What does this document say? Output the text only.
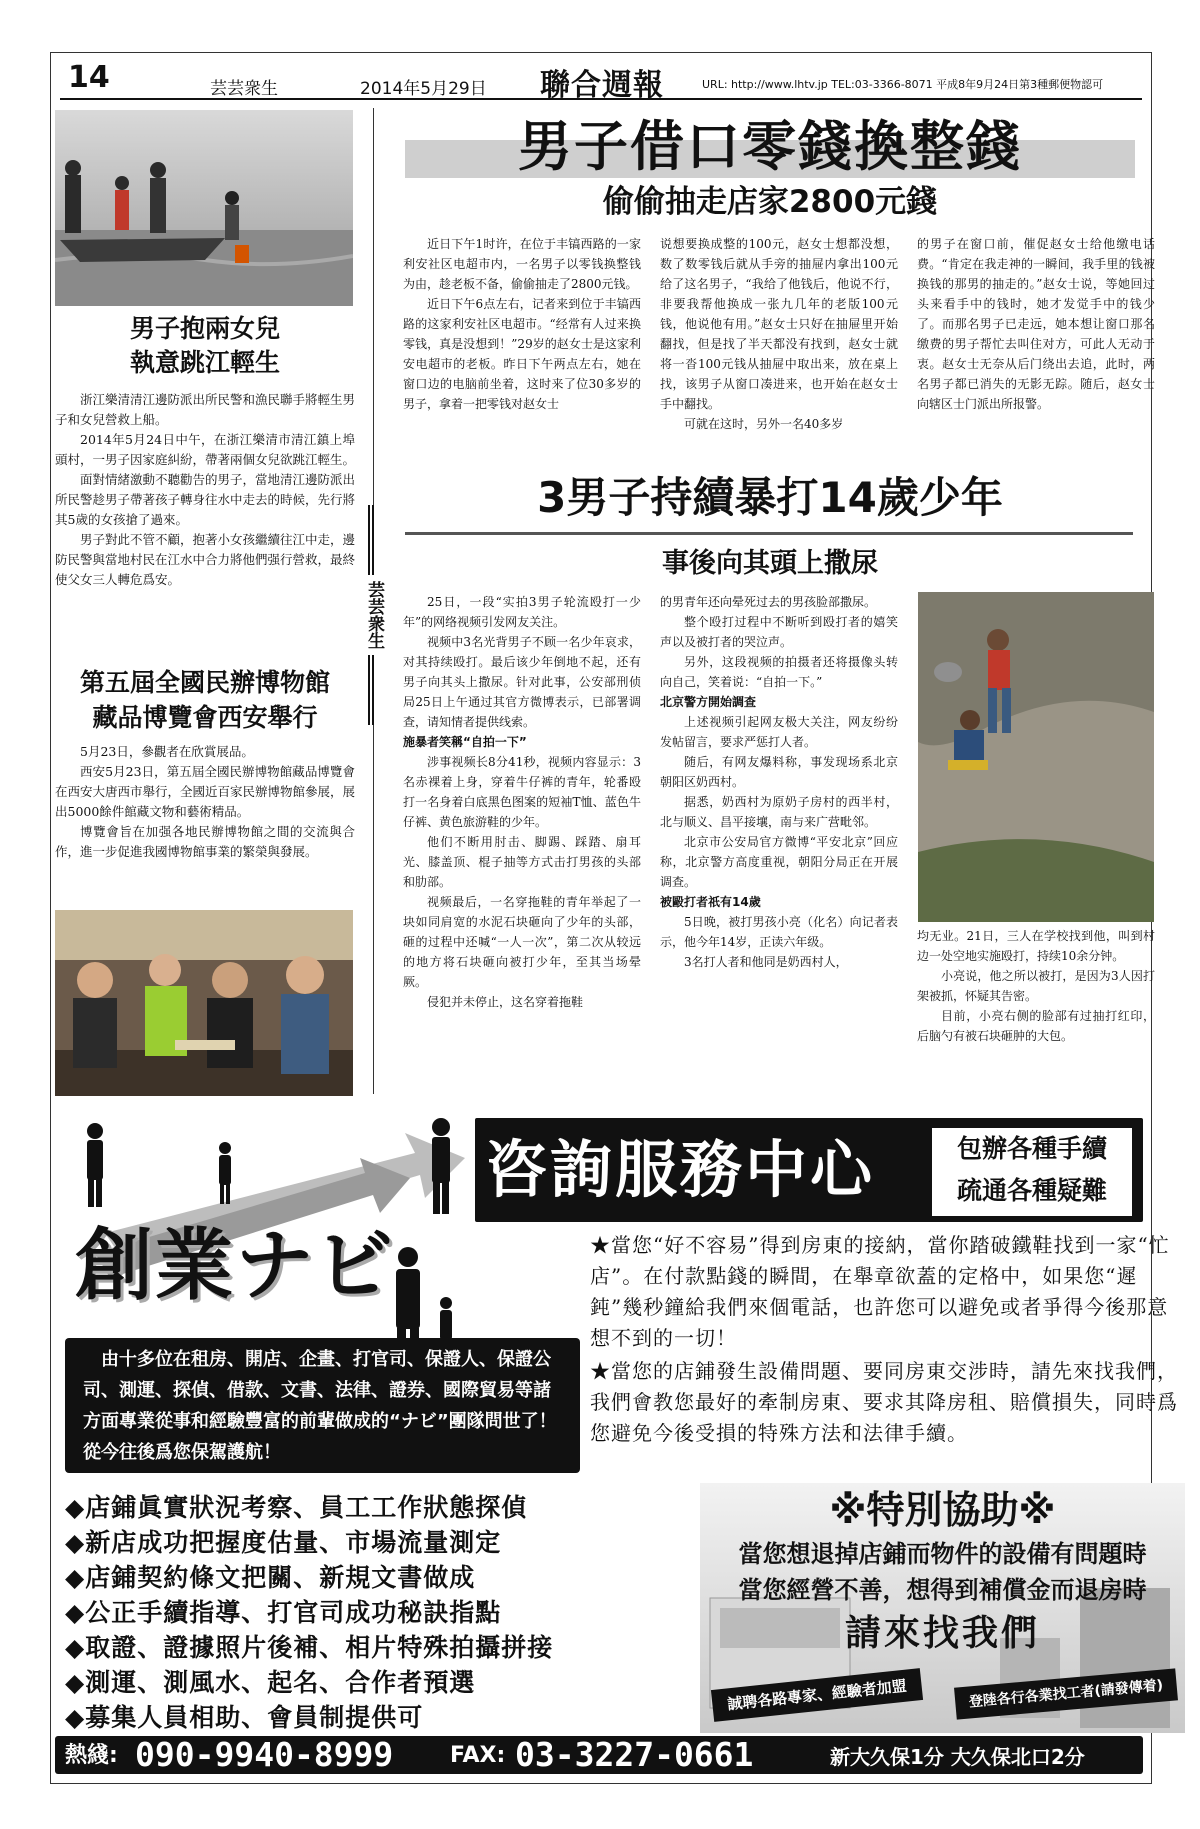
14	芸芸衆生	2014年5月29日 聯合週報	URL: http://www.lhtv.jp TEL:03-3366-8071 平成8年9月24日第3種郵便物認可
男子抱兩女兒
執意跳江輕生

浙江樂清清江邊防派出所民警和漁民聯手將輕生男子和女兒營救上船。

2014年5月24日中午，在浙江樂清市清江鎮上埠頭村，一男子因家庭糾紛，帶著兩個女兒欲跳江輕生。

面對情緒激動不聽勸告的男子，當地清江邊防派出所民警趁男子帶著孩子轉身往水中走去的時候，先行將其5歲的女孩搶了過來。

男子對此不管不顧，抱著小女孩繼續往江中走，邊防民警與當地村民在江水中合力將他們强行營救，最終使父女三人轉危爲安。

第五屆全國民辦博物館
藏品博覽會西安舉行

5月23日，參觀者在欣賞展品。

西安5月23日，第五屆全國民辦博物館藏品博覽會在西安大唐西市舉行，全國近百家民辦博物館參展，展出5000餘件館藏文物和藝術精品。

博覽會旨在加强各地民辦博物館之間的交流與合作，進一步促進我國博物館事業的繁榮與發展。

芸芸衆生
男子借口零錢換整錢
偷偷抽走店家2800元錢

近日下午1时许，在位于丰镐西路的一家利安社区电超市内，一名男子以零钱换整钱为由，趁老板不备，偷偷抽走了2800元钱。

近日下午6点左右，记者来到位于丰镐西路的这家利安社区电超市。“经常有人过来换零钱，真是没想到！”29岁的赵女士是这家利安电超市的老板。昨日下午两点左右，她在窗口边的电脑前坐着，这时来了位30多岁的男子，拿着一把零钱对赵女士

说想要换成整的100元，赵女士想都没想，数了数零钱后就从手旁的抽屉内拿出100元给了这名男子，“我给了他钱后，他说不行，非要我帮他换成一张九几年的老版100元钱，他说他有用。”赵女士只好在抽屉里开始翻找，但是找了半天都没有找到，赵女士就将一沓100元钱从抽屉中取出来，放在桌上找，该男子从窗口凑进来，也开始在赵女士手中翻找。

可就在这时，另外一名40多岁

的男子在窗口前，催促赵女士给他缴电话费。“肯定在我走神的一瞬间，我手里的钱被换钱的那男的抽走的。”赵女士说，等她回过头来看手中的钱时，她才发觉手中的钱少了。而那名男子已走远，她本想让窗口那名缴费的男子帮忙去叫住对方，可此人无动于衷。赵女士无奈从后门绕出去追，此时，两名男子都已消失的无影无踪。随后，赵女士向辖区士门派出所报警。

3男子持續暴打14歲少年
事後向其頭上撒尿

25日，一段“实拍3男子轮流殴打一少年”的网络视频引发网友关注。

视频中3名光背男子不顾一名少年哀求，对其持续殴打。最后该少年倒地不起，还有男子向其头上撒尿。针对此事，公安部刑侦局25日上午通过其官方微博表示，已部署调查，请知情者提供线索。

施暴者笑稱“自拍一下”

涉事视频长8分41秒，视频内容显示：3名赤裸着上身，穿着牛仔裤的青年，轮番殴打一名身着白底黑色图案的短袖T恤、蓝色牛仔裤、黄色旅游鞋的少年。

他们不断用肘击、脚踢、踩踏、扇耳光、膝盖顶、棍子抽等方式击打男孩的头部和肋部。

视频最后，一名穿拖鞋的青年举起了一块如同肩宽的水泥石块砸向了少年的头部，砸的过程中还喊“一人一次”，第二次从较远的地方将石块砸向被打少年，至其当场晕厥。

侵犯并未停止，这名穿着拖鞋

的男青年还向晕死过去的男孩脸部撒尿。

整个殴打过程中不断听到殴打者的嬉笑声以及被打者的哭泣声。

另外，这段视频的拍摄者还将摄像头转向自己，笑着说：“自拍一下。”

北京警方開始調查

上述视频引起网友极大关注，网友纷纷发帖留言，要求严惩打人者。

随后，有网友爆料称，事发现场系北京朝阳区奶西村。

据悉，奶西村为原奶子房村的西半村，北与顺义、昌平接壤，南与来广营毗邻。

北京市公安局官方微博“平安北京”回应称，北京警方高度重视，朝阳分局正在开展调查。

被毆打者祇有14歲

5日晚，被打男孩小亮（化名）向记者表示，他今年14岁，正读六年级。

3名打人者和他同是奶西村人，

均无业。21日，三人在学校找到他，叫到村边一处空地实施殴打，持续10余分钟。

小亮说，他之所以被打，是因为3人因打架被抓，怀疑其告密。

目前，小亮右侧的脸部有过抽打红印，后脑勺有被石块砸肿的大包。

創業ナビ
咨詢服務中心	包辦各種手續
疏通各種疑難
★當您“好不容易”得到房東的接納，當你踏破鐵鞋找到一家“忙店”。在付款點錢的瞬間，在舉章欲蓋的定格中，如果您“遲鈍”幾秒鐘給我們來個電話，也許您可以避免或者爭得今後那意想不到的一切！
★當您的店鋪發生設備問題、要同房東交涉時，請先來找我們，我們會教您最好的牽制房東、要求其降房租、賠償損失，同時爲您避免今後受損的特殊方法和法律手續。
由十多位在租房、開店、企畫、打官司、保證人、保證公司、測運、探偵、借款、文書、法律、證券、國際貿易等諸方面專業從事和經驗豐富的前輩做成的“ナビ”團隊問世了！從今往後爲您保駕護航！
◆店鋪眞實狀況考察、員工工作狀態探偵
◆新店成功把握度估量、市場流量測定
◆店鋪契約條文把關、新規文書做成
◆公正手續指導、打官司成功秘訣指點
◆取證、證據照片後補、相片特殊拍攝拼接
◆測運、測風水、起名、合作者預選
◆募集人員相助、會員制提供可
※特別協助※
當您想退掉店鋪而物件的設備有問題時
當您經營不善，想得到補償金而退房時
請來找我們
誠聘各路專家、經驗者加盟	登陸各行各業找工者(請發傳着)
熱綫: 090-9940-8999	FAX: 03-3227-0661	新大久保1分 大久保北口2分
